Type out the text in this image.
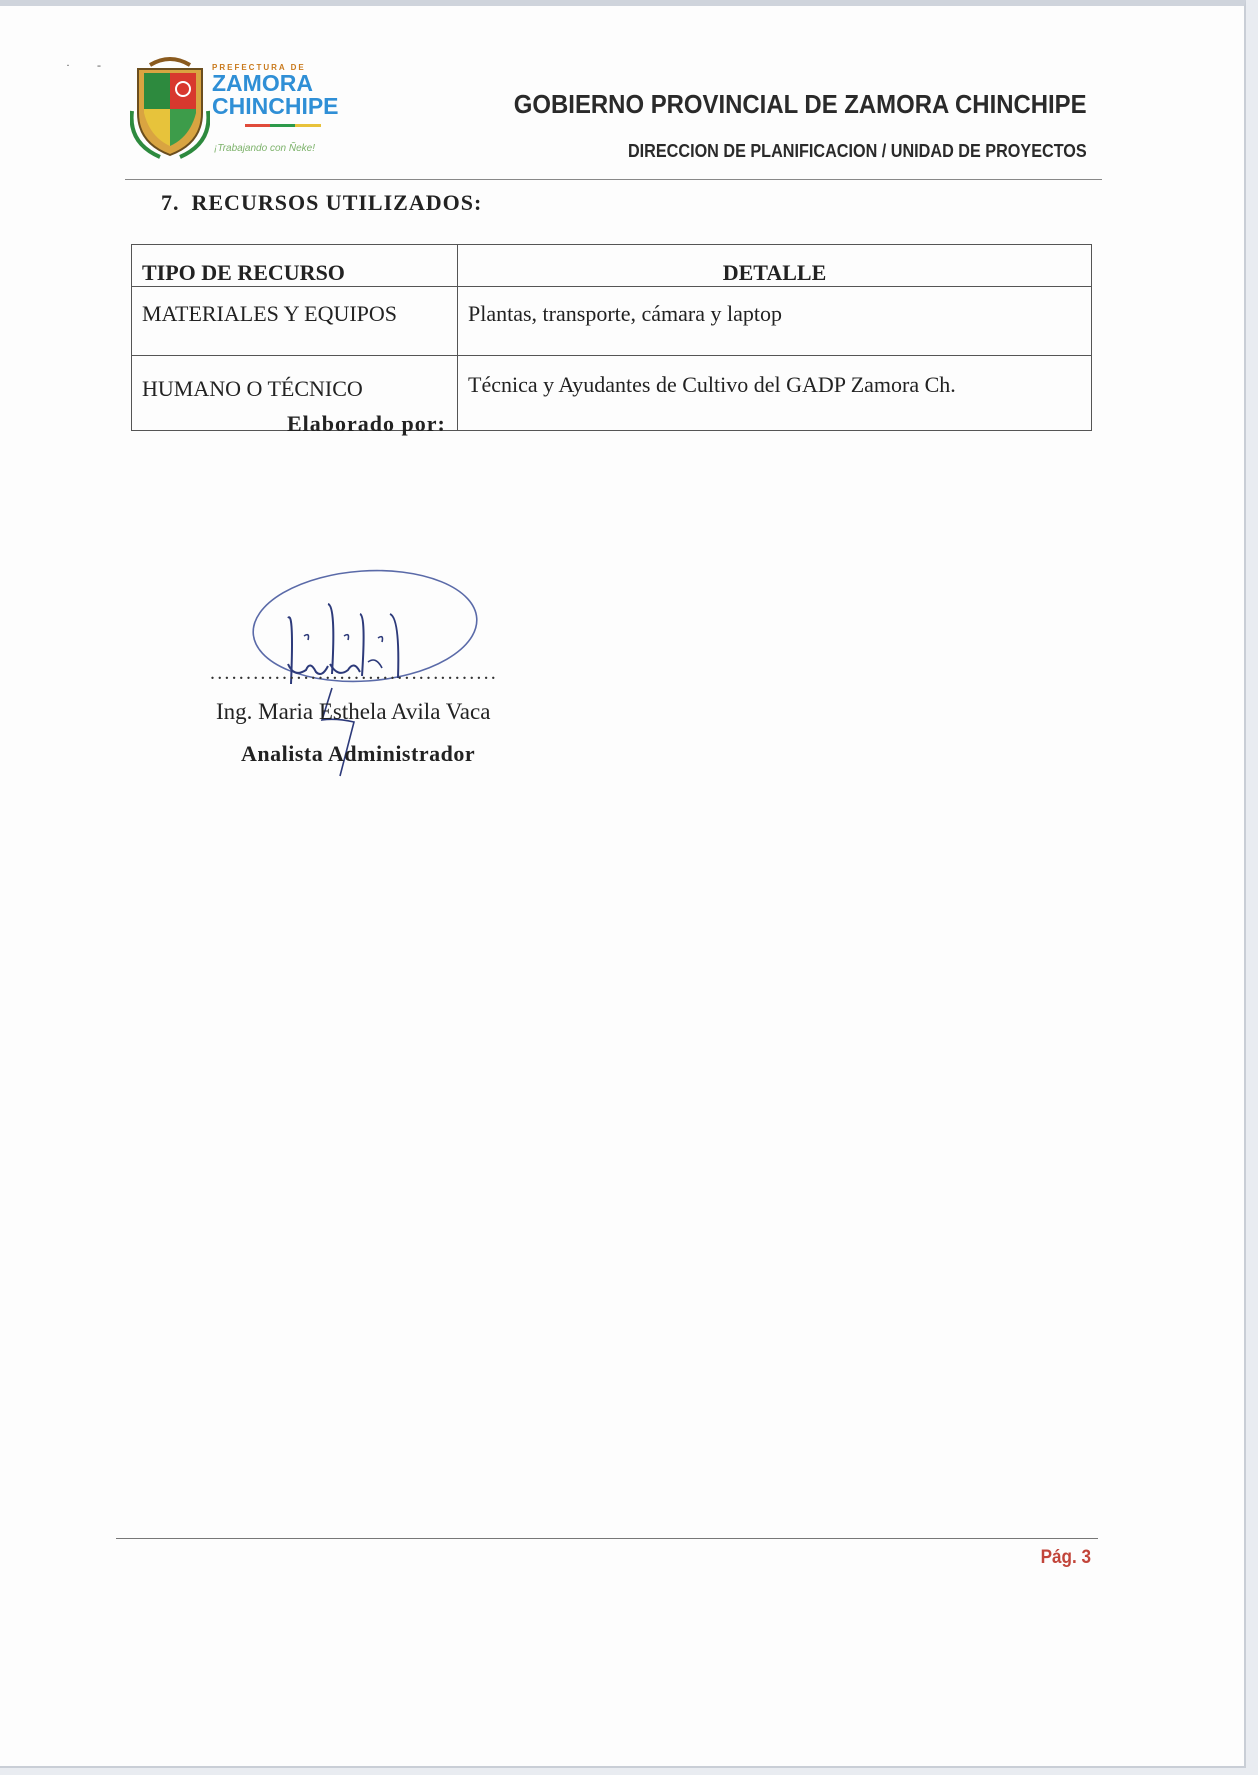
· -	PREFECTURA DE
ZAMORA
CHINCHIPE
¡Trabajando con Ñeke!
GOBIERNO PROVINCIAL DE ZAMORA CHINCHIPE
DIRECCION DE PLANIFICACION / UNIDAD DE PROYECTOS
7. RECURSOS UTILIZADOS:
TIPO DE RECURSO	DETALLE
MATERIALES Y EQUIPOS	Plantas, transporte, cámara y laptop
HUMANO O TÉCNICO	Técnica y Ayudantes de Cultivo del GADP Zamora Ch.
Elaborado por:
........................................
Ing. Maria Esthela Avila Vaca
Analista Administrador
Pág. 3
